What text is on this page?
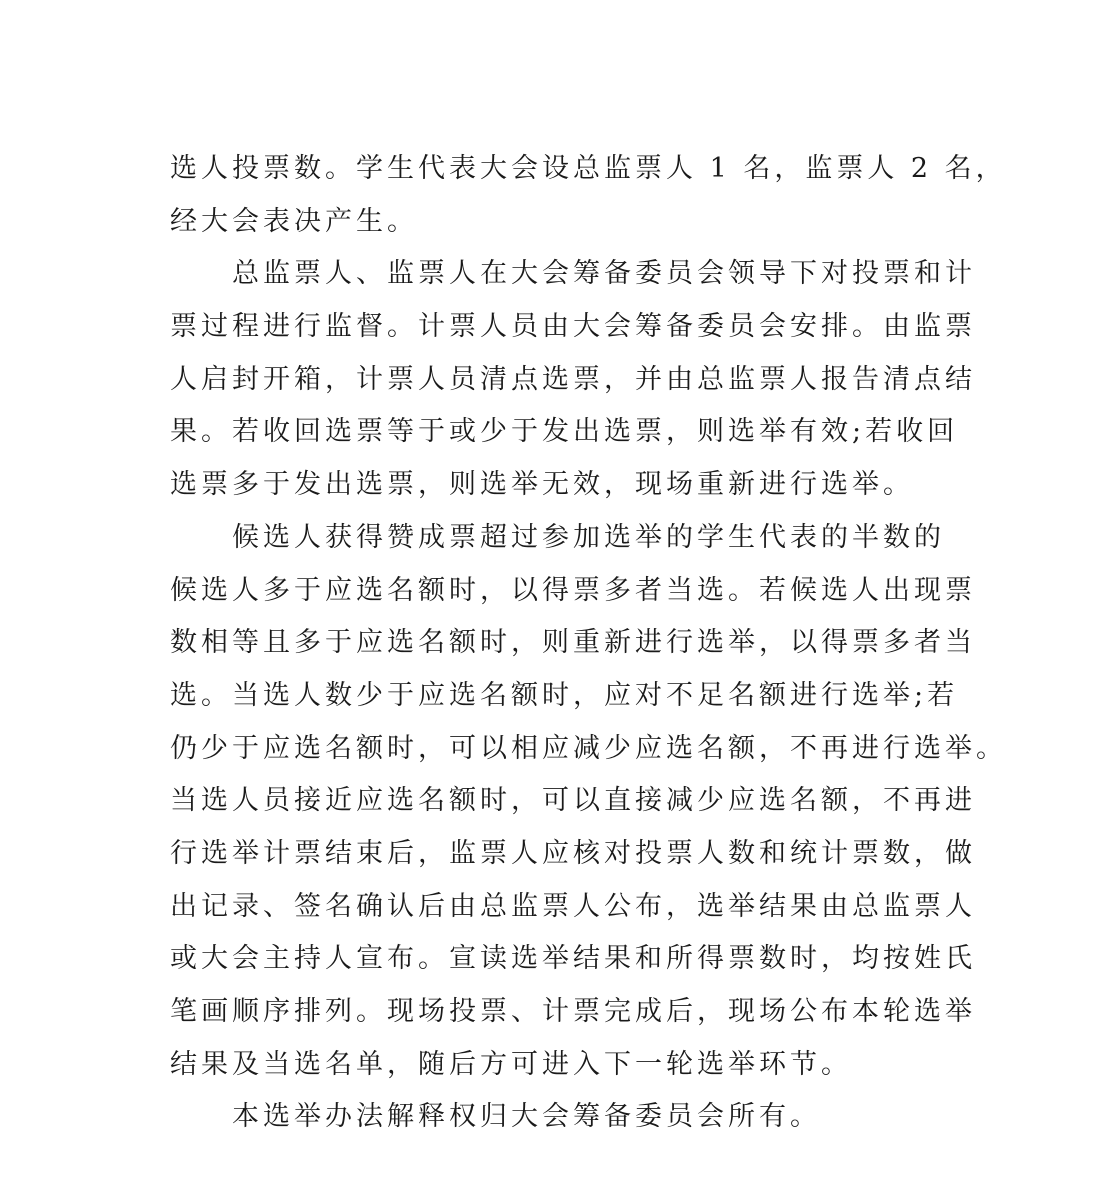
选人投票数。学生代表大会设总监票人 1 名，监票人 2 名，
经大会表决产生。
总监票人、监票人在大会筹备委员会领导下对投票和计
票过程进行监督。计票人员由大会筹备委员会安排。由监票
人启封开箱，计票人员清点选票，并由总监票人报告清点结
果。若收回选票等于或少于发出选票，则选举有效;若收回
选票多于发出选票，则选举无效，现场重新进行选举。
候选人获得赞成票超过参加选举的学生代表的半数的
候选人多于应选名额时，以得票多者当选。若候选人出现票
数相等且多于应选名额时，则重新进行选举，以得票多者当
选。当选人数少于应选名额时，应对不足名额进行选举;若
仍少于应选名额时，可以相应减少应选名额，不再进行选举。
当选人员接近应选名额时，可以直接减少应选名额，不再进
行选举计票结束后，监票人应核对投票人数和统计票数，做
出记录、签名确认后由总监票人公布，选举结果由总监票人
或大会主持人宣布。宣读选举结果和所得票数时，均按姓氏
笔画顺序排列。现场投票、计票完成后，现场公布本轮选举
结果及当选名单，随后方可进入下一轮选举环节。
本选举办法解释权归大会筹备委员会所有。
